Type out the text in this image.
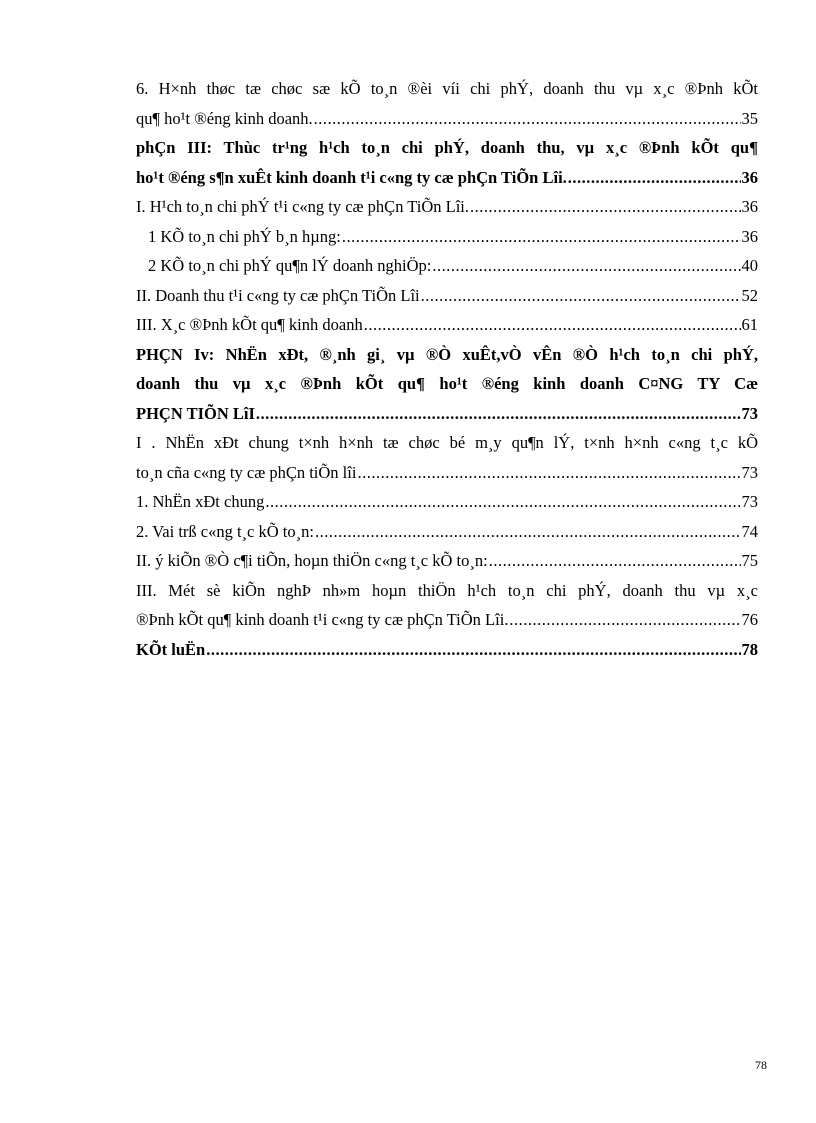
6. H×nh thøc tæ chøc sæ kÕ to¸n ®èi víi chi phÝ, doanh thu vµ x¸c ®Þnh kÕt
qu¶ ho¹t ®éng kinh doanh. .....	35
phÇn III: Thùc tr¹ng h¹ch to¸n chi phÝ, doanh thu, vµ x¸c ®Þnh kÕt qu¶
ho¹t ®éng s¶n xuÊt kinh doanh t¹i c«ng ty cæ phÇn TiÕn Lîi. .....	36
I. H¹ch to¸n chi phÝ t¹i c«ng ty cæ phÇn TiÕn Lîi. .....	36
1 KÕ to¸n chi phÝ b¸n hµng: .....	36
2 KÕ to¸n chi phÝ qu¶n lÝ doanh nghiÖp: .....	40
II. Doanh thu t¹i c«ng ty cæ phÇn TiÕn Lîi .....	52
III. X¸c ®Þnh kÕt qu¶ kinh doanh .....	61
PHÇN Iv: NhËn xÐt, ®¸nh gi¸ vµ ®Ò xuÊt,vÒ vÊn ®Ò h¹ch to¸n chi phÝ,
doanh thu vµ x¸c ®Þnh kÕt qu¶ ho¹t ®éng kinh doanh C¤NG TY Cæ
PHÇN TIÕN LîI .....	73
I . NhËn xÐt chung t×nh h×nh tæ chøc bé m¸y qu¶n lÝ, t×nh h×nh c«ng t¸c kÕ
to¸n cña c«ng ty cæ phÇn tiÕn lîi .....	73
1. NhËn xÐt chung .....	73
2. Vai trß c«ng t¸c kÕ to¸n: .....	74
II. ý kiÕn ®Ò c¶i tiÕn, hoµn thiÖn c«ng t¸c kÕ to¸n: .....	75
III. Mét sè kiÕn nghÞ nh»m hoµn thiÖn h¹ch to¸n chi phÝ, doanh thu vµ x¸c
®Þnh kÕt qu¶ kinh doanh t¹i c«ng ty cæ phÇn TiÕn Lîi. .....	76
KÕt luËn .....	78
78
